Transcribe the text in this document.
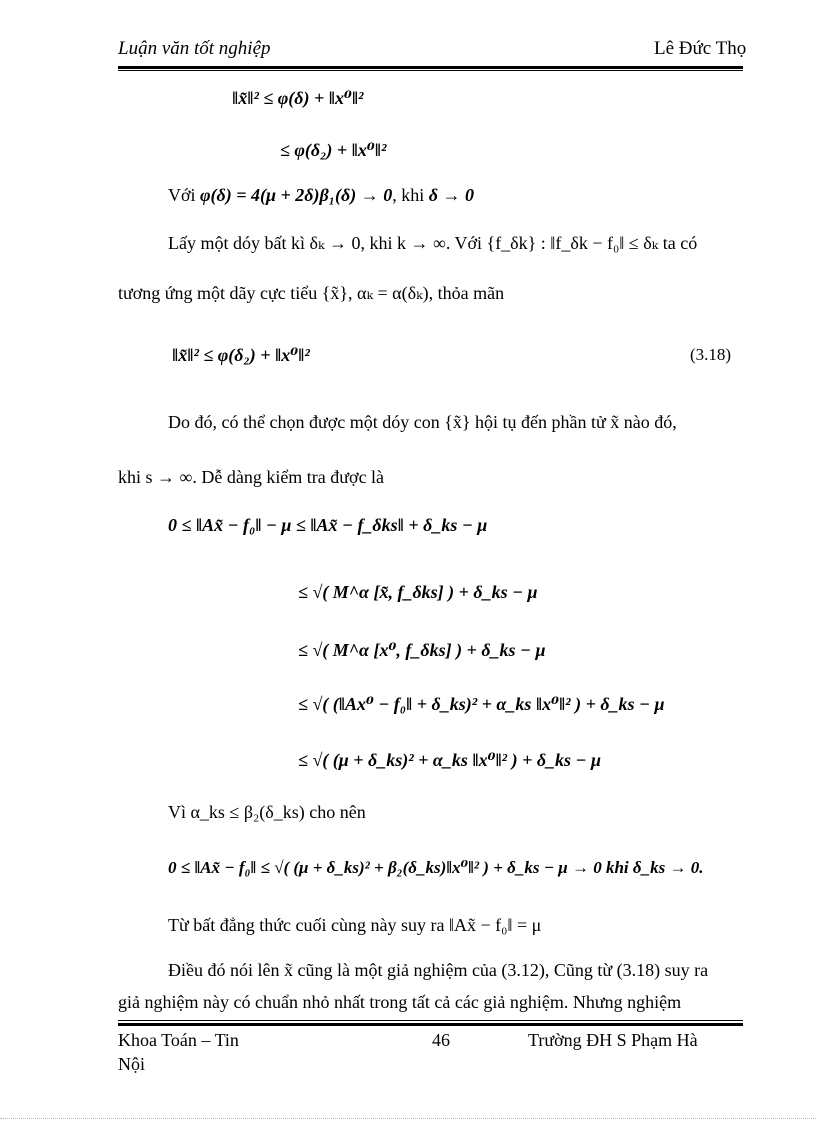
Luận văn tốt nghiệp	Lê Đức Thọ
‖x̃‖² ≤ φ(δ) + ‖x⁰‖²
≤ φ(δ₂) + ‖x⁰‖²
Với φ(δ) = 4(μ + 2δ)β₁(δ) → 0, khi δ → 0
Lấy một dóy bất kì δₖ → 0, khi k → ∞. Với {f_δk} : ‖f_δk − f₀‖ ≤ δₖ ta có
tương ứng một dãy cực tiểu {x̃}, αₖ = α(δₖ), thỏa mãn
‖x̃‖² ≤ φ(δ₂) + ‖x⁰‖²	(3.18)
Do đó, có thể chọn được một dóy con {x̃} hội tụ đến phần tử x̃ nào đó,
khi s → ∞. Dễ dàng kiểm tra được là
0 ≤ ‖Ax̃ − f₀‖ − μ ≤ ‖Ax̃ − f_δks‖ + δ_ks − μ
≤ √( M^α [x̃, f_δks] ) + δ_ks − μ
≤ √( M^α [x⁰, f_δks] ) + δ_ks − μ
≤ √( (‖Ax⁰ − f₀‖ + δ_ks)² + α_ks ‖x⁰‖² ) + δ_ks − μ
≤ √( (μ + δ_ks)² + α_ks ‖x⁰‖² ) + δ_ks − μ
Vì α_ks ≤ β₂(δ_ks) cho nên
0 ≤ ‖Ax̃ − f₀‖ ≤ √( (μ + δ_ks)² + β₂(δ_ks)‖x⁰‖² ) + δ_ks − μ → 0 khi δ_ks → 0.
Từ bất đẳng thức cuối cùng này suy ra ‖Ax̃ − f₀‖ = μ
Điều đó nói lên x̃ cũng là một giả nghiệm của (3.12), Cũng từ (3.18) suy ra
giả nghiệm này có chuẩn nhỏ nhất trong tất cả các giả nghiệm. Nhưng nghiệm
Khoa Toán – Tin	46	Trường ĐH S Phạm Hà
Nội
